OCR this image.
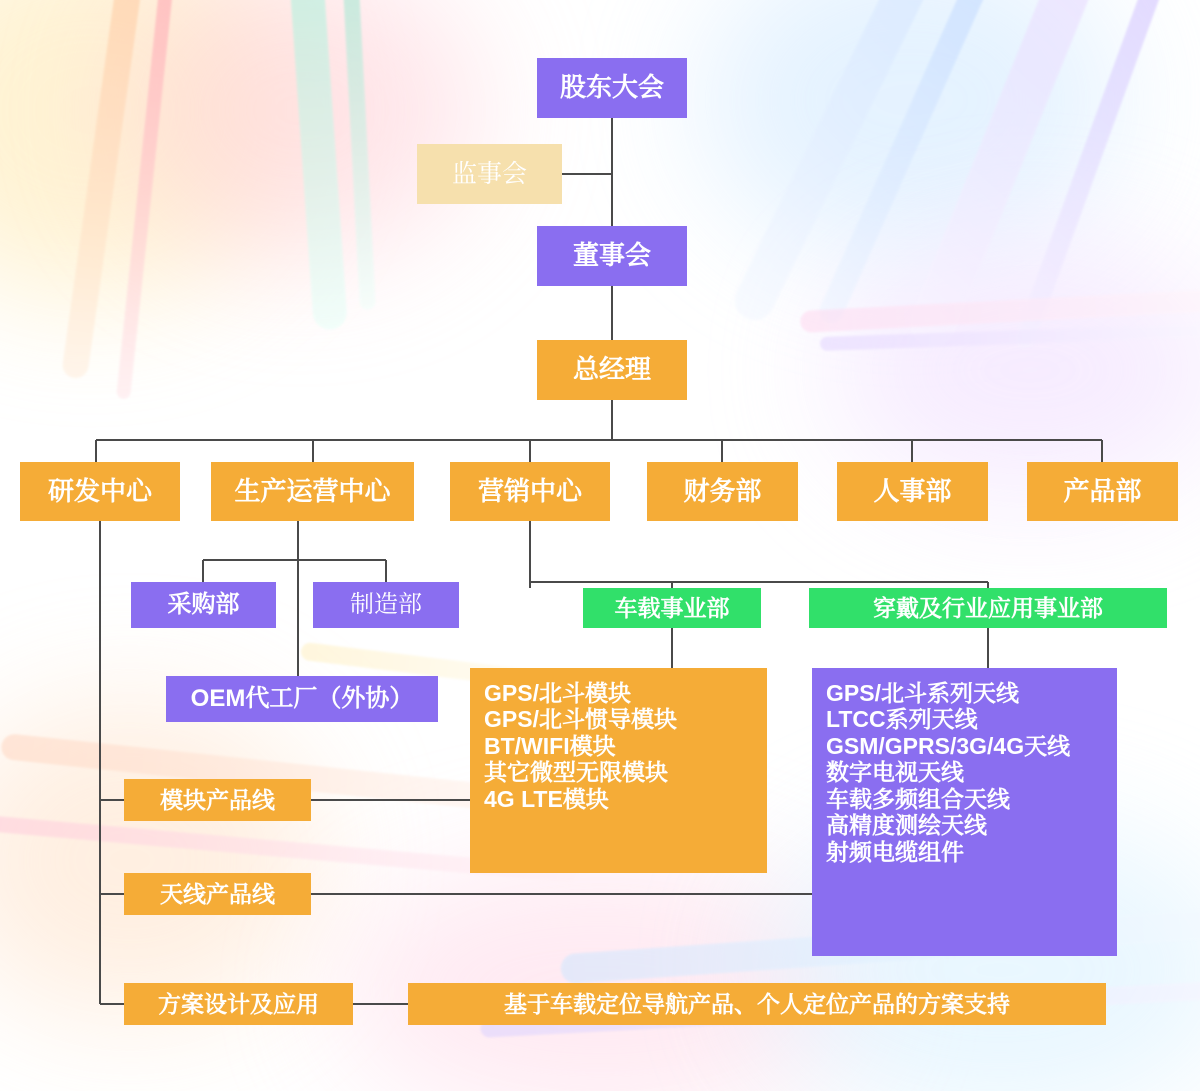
股东大会
监事会
董事会
总经理
研发中心	生产运营中心	营销中心	财务部	人事部	产品部
采购部	制造部
OEM代工厂（外协）
车载事业部	穿戴及行业应用事业部
模块产品线
天线产品线
方案设计及应用	基于车载定位导航产品、个人定位产品的方案支持
GPS/北斗模块
GPS/北斗惯导模块
BT/WIFI模块
其它微型无限模块
4G LTE模块
GPS/北斗系列天线
LTCC系列天线
GSM/GPRS/3G/4G天线
数字电视天线
车载多频组合天线
高精度测绘天线
射频电缆组件
